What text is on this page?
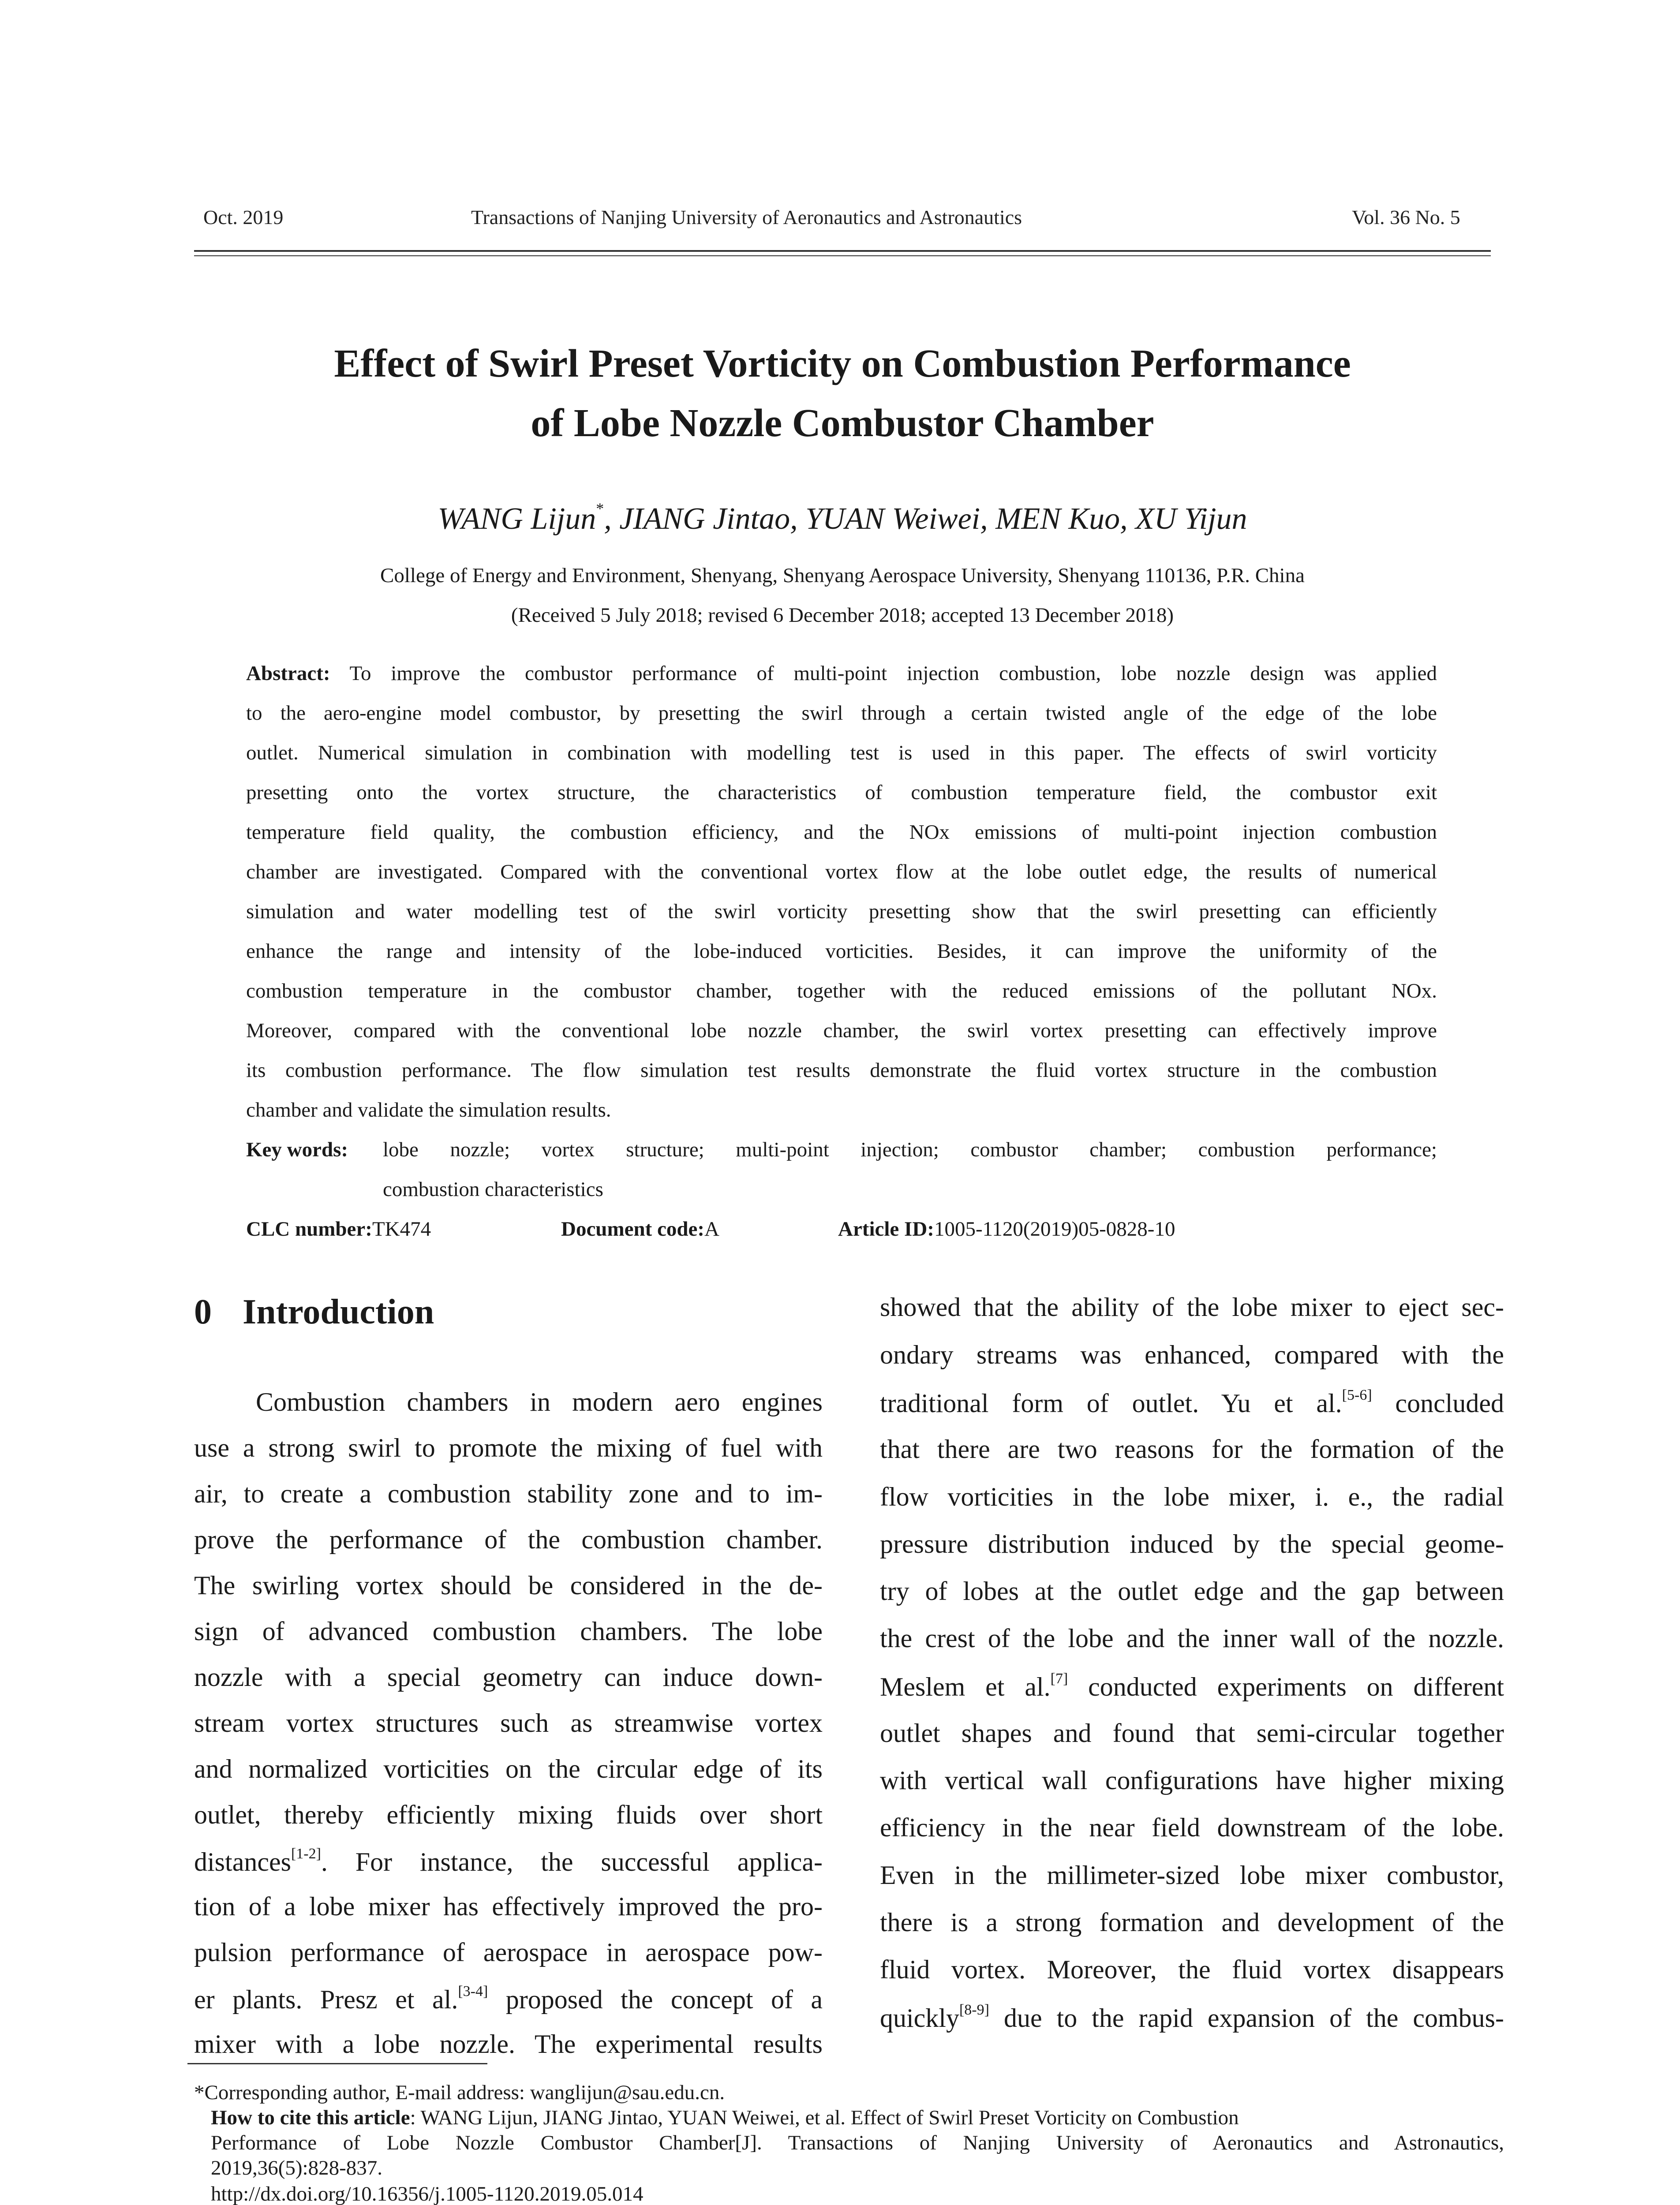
Oct. 2019	Transactions of Nanjing University of Aeronautics and Astronautics	Vol. 36 No. 5
Effect of Swirl Preset Vorticity on Combustion Performance
of Lobe Nozzle Combustor Chamber
WANG Lijun*, JIANG Jintao, YUAN Weiwei, MEN Kuo, XU Yijun
College of Energy and Environment, Shenyang, Shenyang Aerospace University, Shenyang 110136, P.R. China
(Received 5 July 2018; revised 6 December 2018; accepted 13 December 2018)
Abstract: To improve the combustor performance of multi-point injection combustion, lobe nozzle design was applied
to the aero-engine model combustor, by presetting the swirl through a certain twisted angle of the edge of the lobe
outlet. Numerical simulation in combination with modelling test is used in this paper. The effects of swirl vorticity
presetting onto the vortex structure, the characteristics of combustion temperature field, the combustor exit
temperature field quality, the combustion efficiency, and the NOx emissions of multi-point injection combustion
chamber are investigated. Compared with the conventional vortex flow at the lobe outlet edge, the results of numerical
simulation and water modelling test of the swirl vorticity presetting show that the swirl presetting can efficiently
enhance the range and intensity of the lobe-induced vorticities. Besides, it can improve the uniformity of the
combustion temperature in the combustor chamber, together with the reduced emissions of the pollutant NOx.
Moreover, compared with the conventional lobe nozzle chamber, the swirl vortex presetting can effectively improve
its combustion performance. The flow simulation test results demonstrate the fluid vortex structure in the combustion
chamber and validate the simulation results.
Key words: lobe nozzle; vortex structure; multi-point injection; combustor chamber; combustion performance;
combustion characteristics
CLC number:TK474	Document code:A	Article ID:1005-1120(2019)05-0828-10
0 Introduction
Combustion chambers in modern aero engines
use a strong swirl to promote the mixing of fuel with
air, to create a combustion stability zone and to im-
prove the performance of the combustion chamber.
The swirling vortex should be considered in the de-
sign of advanced combustion chambers. The lobe
nozzle with a special geometry can induce down-
stream vortex structures such as streamwise vortex
and normalized vorticities on the circular edge of its
outlet, thereby efficiently mixing fluids over short
distances[1-2]. For instance, the successful applica-
tion of a lobe mixer has effectively improved the pro-
pulsion performance of aerospace in aerospace pow-
er plants. Presz et al.[3-4] proposed the concept of a
mixer with a lobe nozzle. The experimental results
showed that the ability of the lobe mixer to eject sec-
ondary streams was enhanced, compared with the
traditional form of outlet. Yu et al.[5-6] concluded
that there are two reasons for the formation of the
flow vorticities in the lobe mixer, i. e., the radial
pressure distribution induced by the special geome-
try of lobes at the outlet edge and the gap between
the crest of the lobe and the inner wall of the nozzle.
Meslem et al.[7] conducted experiments on different
outlet shapes and found that semi-circular together
with vertical wall configurations have higher mixing
efficiency in the near field downstream of the lobe.
Even in the millimeter-sized lobe mixer combustor,
there is a strong formation and development of the
fluid vortex. Moreover, the fluid vortex disappears
quickly[8-9] due to the rapid expansion of the combus-
*Corresponding author, E-mail address: wanglijun@sau.edu.cn.
How to cite this article: WANG Lijun, JIANG Jintao, YUAN Weiwei, et al. Effect of Swirl Preset Vorticity on Combustion
Performance of Lobe Nozzle Combustor Chamber[J]. Transactions of Nanjing University of Aeronautics and Astronautics,
2019,36(5):828-837.
http://dx.doi.org/10.16356/j.1005-1120.2019.05.014
